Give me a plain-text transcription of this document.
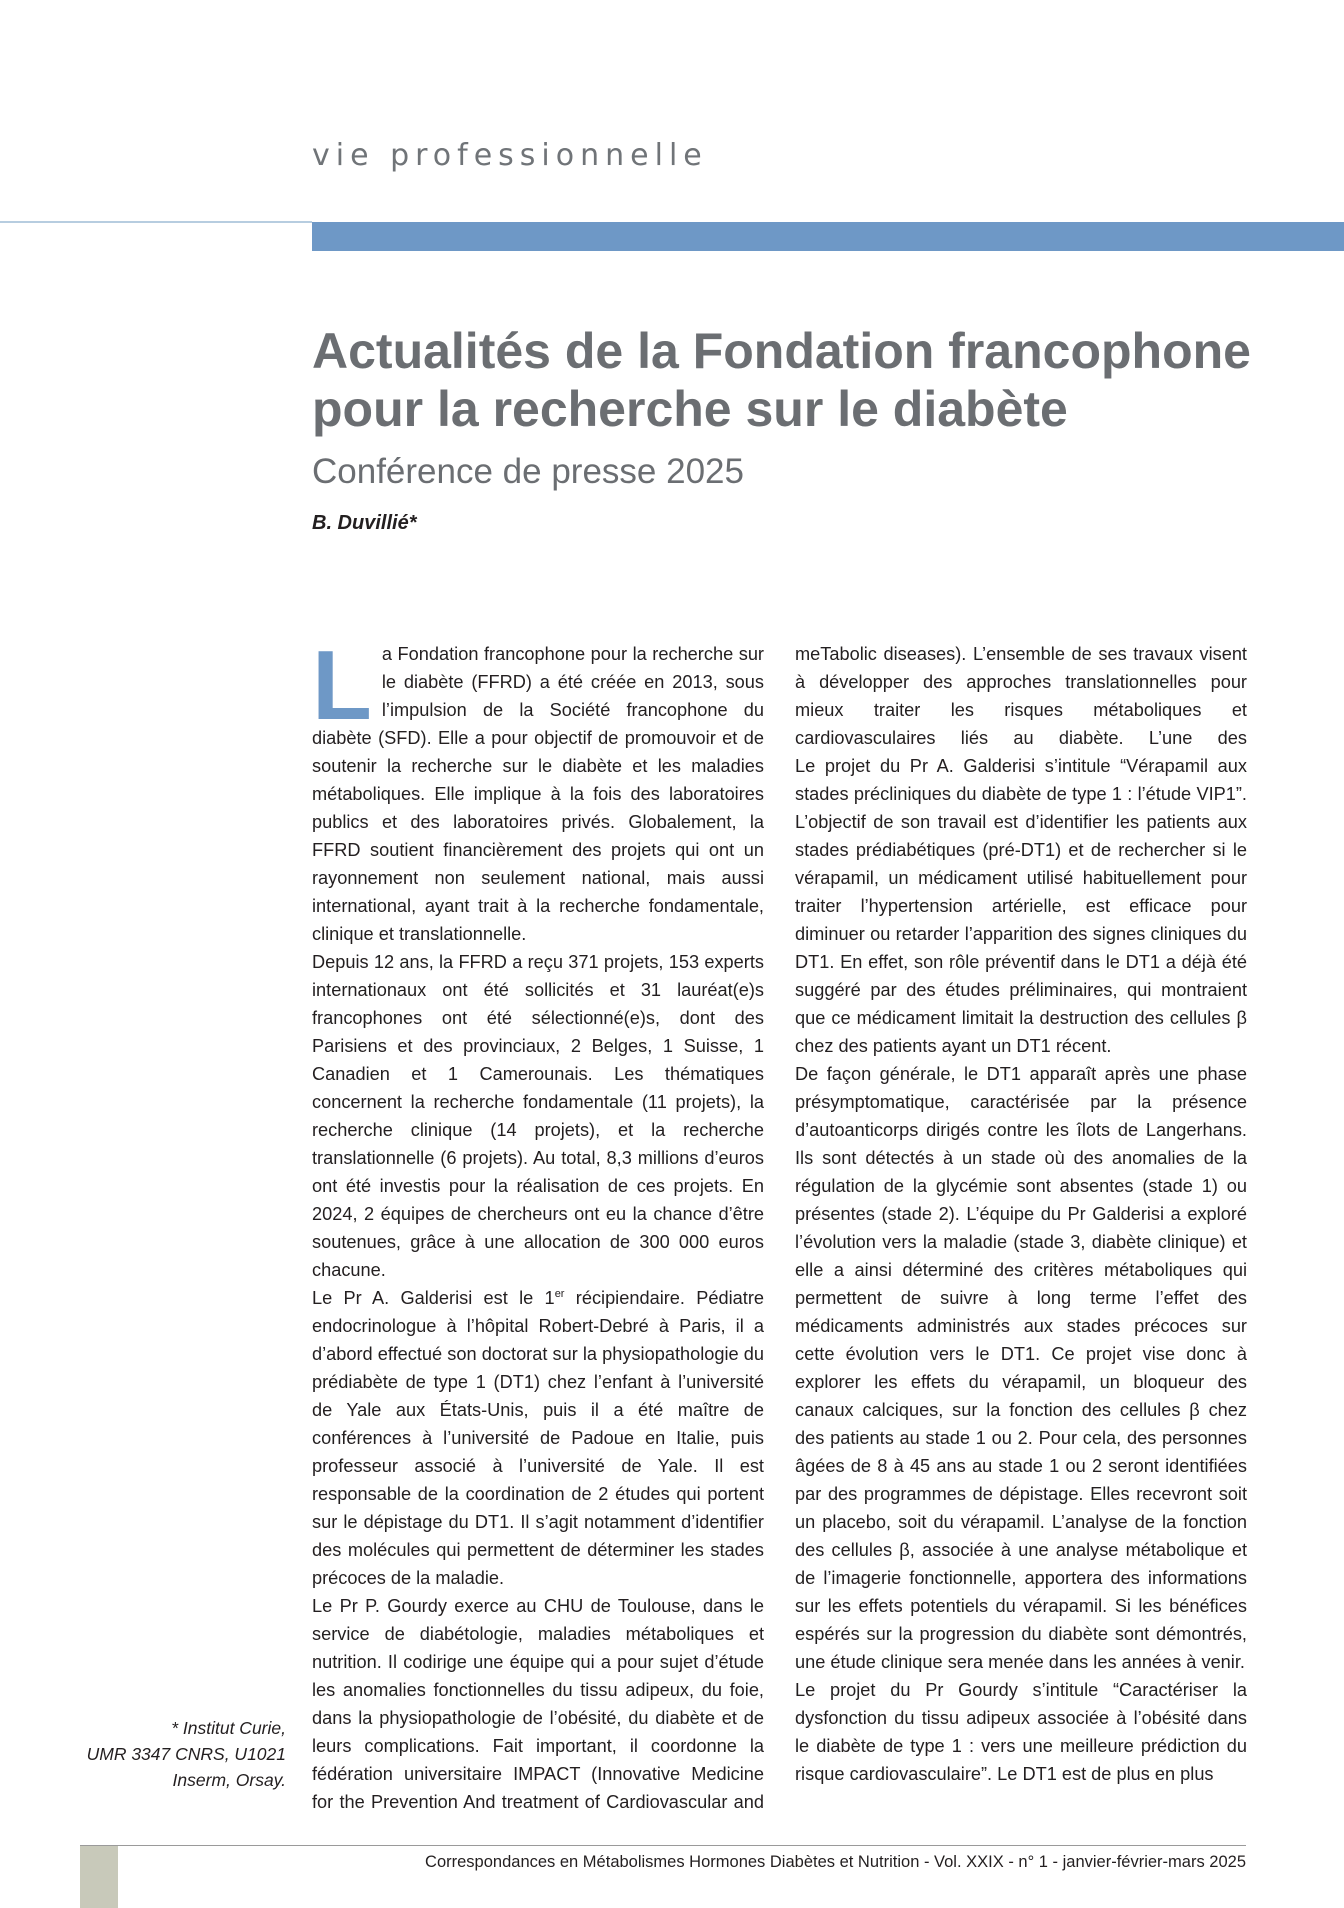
vie professionnelle
Actualités de la Fondation francophone pour la recherche sur le diabète
Conférence de presse 2025
B. Duvillié*
* Institut Curie,
UMR 3347 CNRS, U1021
Inserm, Orsay.

La Fondation francophone pour la recherche sur le diabète (FFRD) a été créée en 2013, sous l’impulsion de la Société francophone du diabète (SFD). Elle a pour objectif de promouvoir et de soutenir la recherche sur le diabète et les maladies métaboliques. Elle implique à la fois des laboratoires publics et des laboratoires privés. Globalement, la FFRD soutient financièrement des projets qui ont un rayonnement non seulement national, mais aussi international, ayant trait à la recherche fondamentale, clinique et translationnelle.

Depuis 12 ans, la FFRD a reçu 371 projets, 153 experts internationaux ont été sollicités et 31 lauréat(e)s francophones ont été sélectionné(e)s, dont des Parisiens et des provinciaux, 2 Belges, 1 Suisse, 1 Canadien et 1 Camerounais. Les thématiques concernent la recherche fondamentale (11 projets), la recherche clinique (14 projets), et la recherche translationnelle (6 projets). Au total, 8,3 millions d’euros ont été investis pour la réalisation de ces projets. En 2024, 2 équipes de chercheurs ont eu la chance d’être soutenues, grâce à une allocation de 300 000 euros chacune.

Le Pr A. Galderisi est le 1er récipiendaire. Pédiatre endocrinologue à l’hôpital Robert-Debré à Paris, il a d’abord effectué son doctorat sur la physiopathologie du prédiabète de type 1 (DT1) chez l’enfant à l’université de Yale aux États-Unis, puis il a été maître de conférences à l’université de Padoue en Italie, puis professeur associé à l’université de Yale. Il est responsable de la coordination de 2 études qui portent sur le dépistage du DT1. Il s’agit notamment d’identifier des molécules qui permettent de déterminer les stades précoces de la maladie.

Le Pr P. Gourdy exerce au CHU de Toulouse, dans le service de diabétologie, maladies métaboliques et nutrition. Il codirige une équipe qui a pour sujet d’étude les anomalies fonctionnelles du tissu adipeux, du foie, dans la physiopathologie de l’obésité, du diabète et de leurs complications. Fait important, il coordonne la fédération universitaire IMPACT (Innovative Medicine for the Prevention And treatment of Cardiovascular and

meTabolic diseases). L’ensemble de ses travaux visent à développer des approches translationnelles pour mieux traiter les risques métaboliques et cardiovasculaires liés au diabète. L’une des

Le projet du Pr A. Galderisi s’intitule “Vérapamil aux stades précliniques du diabète de type 1 : l’étude VIP1”. L’objectif de son travail est d’identifier les patients aux stades prédiabétiques (pré-DT1) et de rechercher si le vérapamil, un médicament utilisé habituellement pour traiter l’hypertension artérielle, est efficace pour diminuer ou retarder l’apparition des signes cliniques du DT1. En effet, son rôle préventif dans le DT1 a déjà été suggéré par des études préliminaires, qui montraient que ce médicament limitait la destruction des cellules β chez des patients ayant un DT1 récent.

De façon générale, le DT1 apparaît après une phase présymptomatique, caractérisée par la présence d’autoanticorps dirigés contre les îlots de Langerhans. Ils sont détectés à un stade où des anomalies de la régulation de la glycémie sont absentes (stade 1) ou présentes (stade 2). L’équipe du Pr Galderisi a exploré l’évolution vers la maladie (stade 3, diabète clinique) et elle a ainsi déterminé des critères métaboliques qui permettent de suivre à long terme l’effet des médicaments administrés aux stades précoces sur cette évolution vers le DT1. Ce projet vise donc à explorer les effets du vérapamil, un bloqueur des canaux calciques, sur la fonction des cellules β chez des patients au stade 1 ou 2. Pour cela, des personnes âgées de 8 à 45 ans au stade 1 ou 2 seront identifiées par des programmes de dépistage. Elles recevront soit un placebo, soit du vérapamil. L’analyse de la fonction des cellules β, associée à une analyse métabolique et de l’imagerie fonctionnelle, apportera des informations sur les effets potentiels du vérapamil. Si les bénéfices espérés sur la progression du diabète sont démontrés, une étude clinique sera menée dans les années à venir.

Le projet du Pr Gourdy s’intitule “Caractériser la dysfonction du tissu adipeux associée à l’obésité dans le diabète de type 1 : vers une meilleure prédiction du risque cardiovasculaire”. Le DT1 est de plus en plus

48
Correspondances en Métabolismes Hormones Diabètes et Nutrition - Vol. XXIX - n° 1 - janvier-février-mars 2025
